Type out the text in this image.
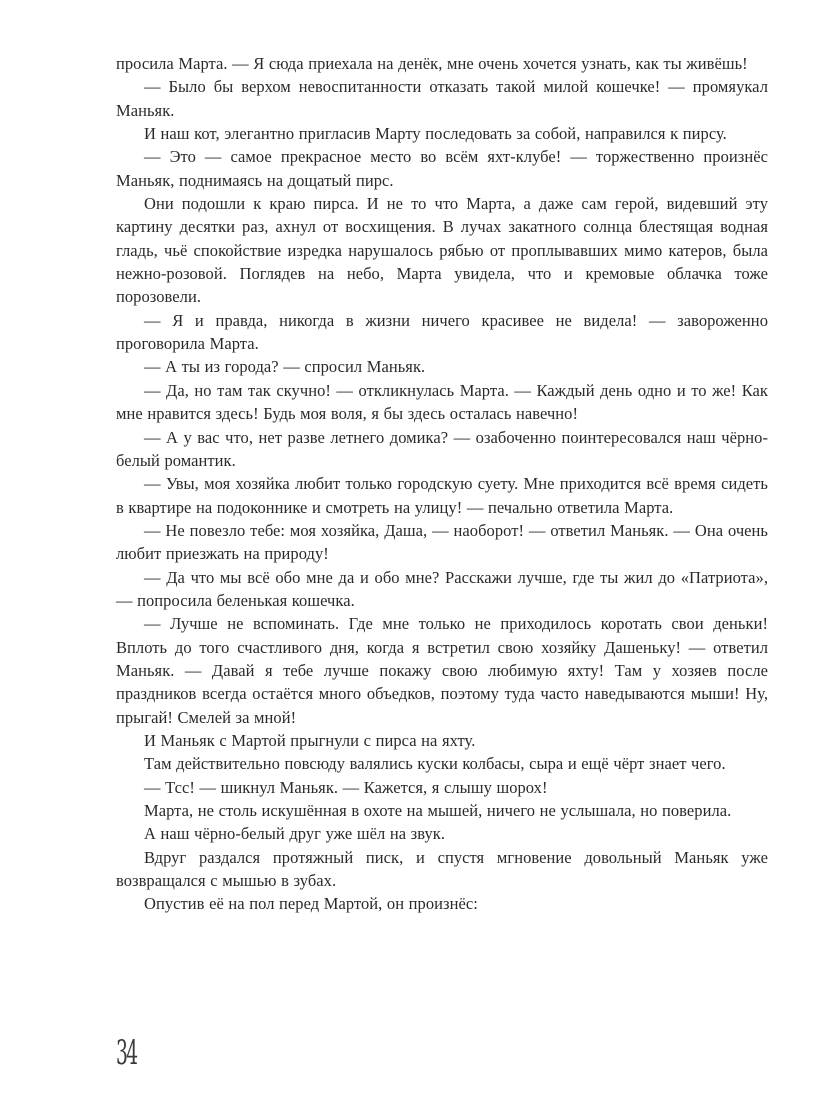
просила Марта. — Я сюда приехала на денёк, мне очень хочется узнать, как ты живёшь!

— Было бы верхом невоспитанности отказать такой милой кошечке! — промяукал Маньяк.

И наш кот, элегантно пригласив Марту последовать за собой, направился к пирсу.

— Это — самое прекрасное место во всём яхт-клубе! — торжественно произнёс Маньяк, поднимаясь на дощатый пирс.

Они подошли к краю пирса. И не то что Марта, а даже сам герой, видевший эту картину десятки раз, ахнул от восхищения. В лучах закатного солнца блестящая водная гладь, чьё спокойствие изредка нарушалось рябью от проплывавших мимо катеров, была нежно-розовой. Поглядев на небо, Марта увидела, что и кремовые облачка тоже порозовели.

— Я и правда, никогда в жизни ничего красивее не видела! — завороженно проговорила Марта.

— А ты из города? — спросил Маньяк.

— Да, но там так скучно! — откликнулась Марта. — Каждый день одно и то же! Как мне нравится здесь! Будь моя воля, я бы здесь осталась навечно!

— А у вас что, нет разве летнего домика? — озабоченно поинтересовался наш чёрно-белый романтик.

— Увы, моя хозяйка любит только городскую суету. Мне приходится всё время сидеть в квартире на подоконнике и смотреть на улицу! — печально ответила Марта.

— Не повезло тебе: моя хозяйка, Даша, — наоборот! — ответил Маньяк. — Она очень любит приезжать на природу!

— Да что мы всё обо мне да и обо мне? Расскажи лучше, где ты жил до «Патриота», — попросила беленькая кошечка.

— Лучше не вспоминать. Где мне только не приходилось коротать свои деньки! Вплоть до того счастливого дня, когда я встретил свою хозяйку Дашеньку! — ответил Маньяк. — Давай я тебе лучше покажу свою любимую яхту! Там у хозяев после праздников всегда остаётся много объедков, поэтому туда часто наведываются мыши! Ну, прыгай! Смелей за мной!

И Маньяк с Мартой прыгнули с пирса на яхту.

Там действительно повсюду валялись куски колбасы, сыра и ещё чёрт знает чего.

— Тсс! — шикнул Маньяк. — Кажется, я слышу шорох!

Марта, не столь искушённая в охоте на мышей, ничего не услышала, но поверила.

А наш чёрно-белый друг уже шёл на звук.

Вдруг раздался протяжный писк, и спустя мгновение довольный Маньяк уже возвращался с мышью в зубах.

Опустив её на пол перед Мартой, он произнёс:

34
